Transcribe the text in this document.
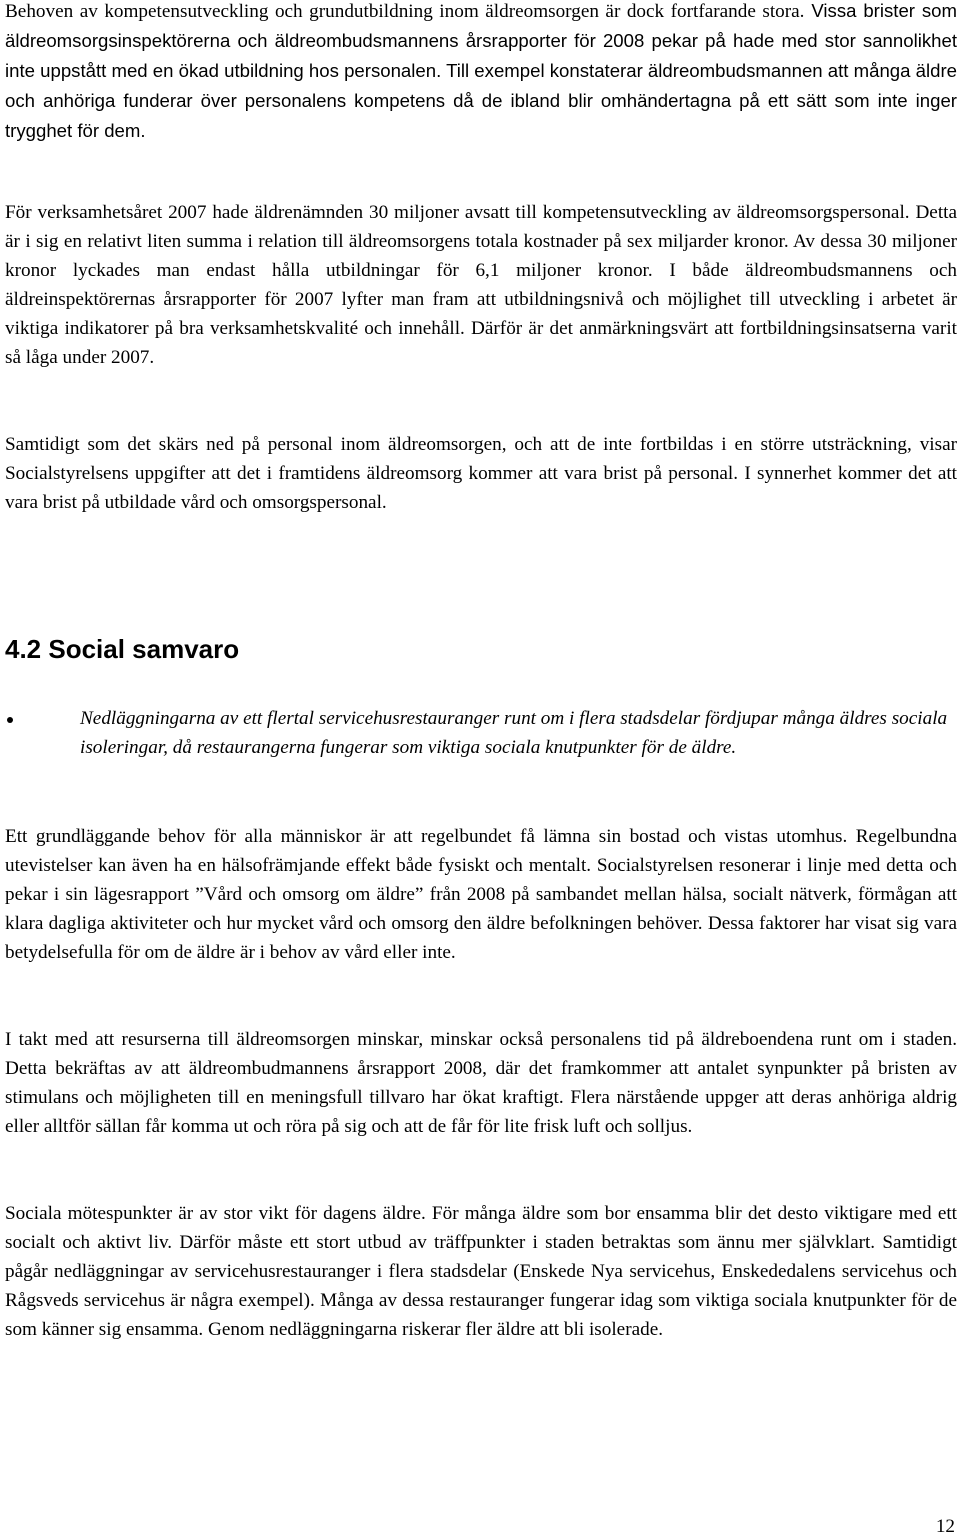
Behoven av kompetensutveckling och grundutbildning inom äldreomsorgen är dock fortfarande stora. Vissa brister som äldreomsorgsinspektörerna och äldreombudsmannens årsrapporter för 2008 pekar på hade med stor sannolikhet inte uppstått med en ökad utbildning hos personalen. Till exempel konstaterar äldreombudsmannen att många äldre och anhöriga funderar över personalens kompetens då de ibland blir omhändertagna på ett sätt som inte inger trygghet för dem.

För verksamhetsåret 2007 hade äldrenämnden 30 miljoner avsatt till kompetensutveckling av äldreomsorgspersonal. Detta är i sig en relativt liten summa i relation till äldreomsorgens totala kostnader på sex miljarder kronor. Av dessa 30 miljoner kronor lyckades man endast hålla utbildningar för 6,1 miljoner kronor. I både äldreombudsmannens och äldreinspektörernas årsrapporter för 2007 lyfter man fram att utbildningsnivå och möjlighet till utveckling i arbetet är viktiga indikatorer på bra verksamhetskvalité och innehåll. Därför är det anmärkningsvärt att fortbildningsinsatserna varit så låga under 2007.

Samtidigt som det skärs ned på personal inom äldreomsorgen, och att de inte fortbildas i en större utsträckning, visar Socialstyrelsens uppgifter att det i framtidens äldreomsorg kommer att vara brist på personal. I synnerhet kommer det att vara brist på utbildade vård och omsorgspersonal.

4.2 Social samvaro

Nedläggningarna av ett flertal servicehusrestauranger runt om i flera stadsdelar fördjupar många äldres sociala isoleringar, då restaurangerna fungerar som viktiga sociala knutpunkter för de äldre.

Ett grundläggande behov för alla människor är att regelbundet få lämna sin bostad och vistas utomhus. Regelbundna utevistelser kan även ha en hälsofrämjande effekt både fysiskt och mentalt. Socialstyrelsen resonerar i linje med detta och pekar i sin lägesrapport ”Vård och omsorg om äldre” från 2008 på sambandet mellan hälsa, socialt nätverk, förmågan att klara dagliga aktiviteter och hur mycket vård och omsorg den äldre befolkningen behöver. Dessa faktorer har visat sig vara betydelsefulla för om de äldre är i behov av vård eller inte.

I takt med att resurserna till äldreomsorgen minskar, minskar också personalens tid på äldreboendena runt om i staden. Detta bekräftas av att äldreombudmannens årsrapport 2008, där det framkommer att antalet synpunkter på bristen av stimulans och möjligheten till en meningsfull tillvaro har ökat kraftigt. Flera närstående uppger att deras anhöriga aldrig eller alltför sällan får komma ut och röra på sig och att de får för lite frisk luft och solljus.

Sociala mötespunkter är av stor vikt för dagens äldre. För många äldre som bor ensamma blir det desto viktigare med ett socialt och aktivt liv. Därför måste ett stort utbud av träffpunkter i staden betraktas som ännu mer självklart. Samtidigt pågår nedläggningar av servicehusrestauranger i flera stadsdelar (Enskede Nya servicehus, Enskededalens servicehus och Rågsveds servicehus är några exempel). Många av dessa restauranger fungerar idag som viktiga sociala knutpunkter för de som känner sig ensamma. Genom nedläggningarna riskerar fler äldre att bli isolerade.

12
